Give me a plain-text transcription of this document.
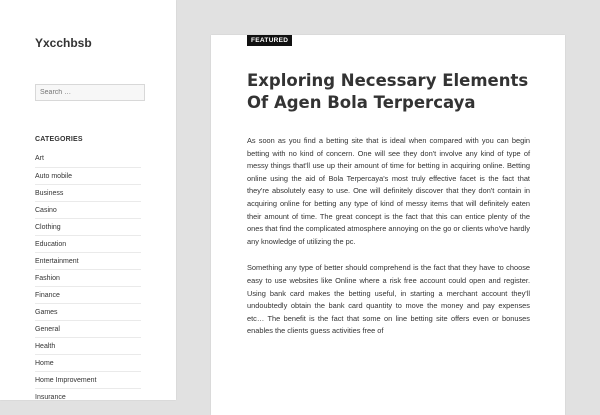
Yxcchbsb
Search …
CATEGORIES
Art
Auto mobile
Business
Casino
Clothing
Education
Entertainment
Fashion
Finance
Games
General
Health
Home
Home Improvement
Insurance
FEATURED
Exploring Necessary Elements Of Agen Bola Terpercaya

As soon as you find a betting site that is ideal when compared with you can begin betting with no kind of concern. One will see they don't involve any kind of type of messy things that'll use up their amount of time for betting in acquiring online. Betting online using the aid of Bola Terpercaya's most truly effective facet is the fact that they're absolutely easy to use. One will definitely discover that they don't contain in acquiring online for betting any type of kind of messy items that will definitely eaten their amount of time. The great concept is the fact that this can entice plenty of the ones that find the complicated atmosphere annoying on the go or clients who've hardly any knowledge of utilizing the pc.

Something any type of better should comprehend is the fact that they have to choose easy to use websites like Online where a risk free account could open and register. Using bank card makes the betting useful, in starting a merchant account they'll undoubtedly obtain the bank card quantity to move the money and pay expenses etc… The benefit is the fact that some on line betting site offers even or bonuses enables the clients guess activities free of
